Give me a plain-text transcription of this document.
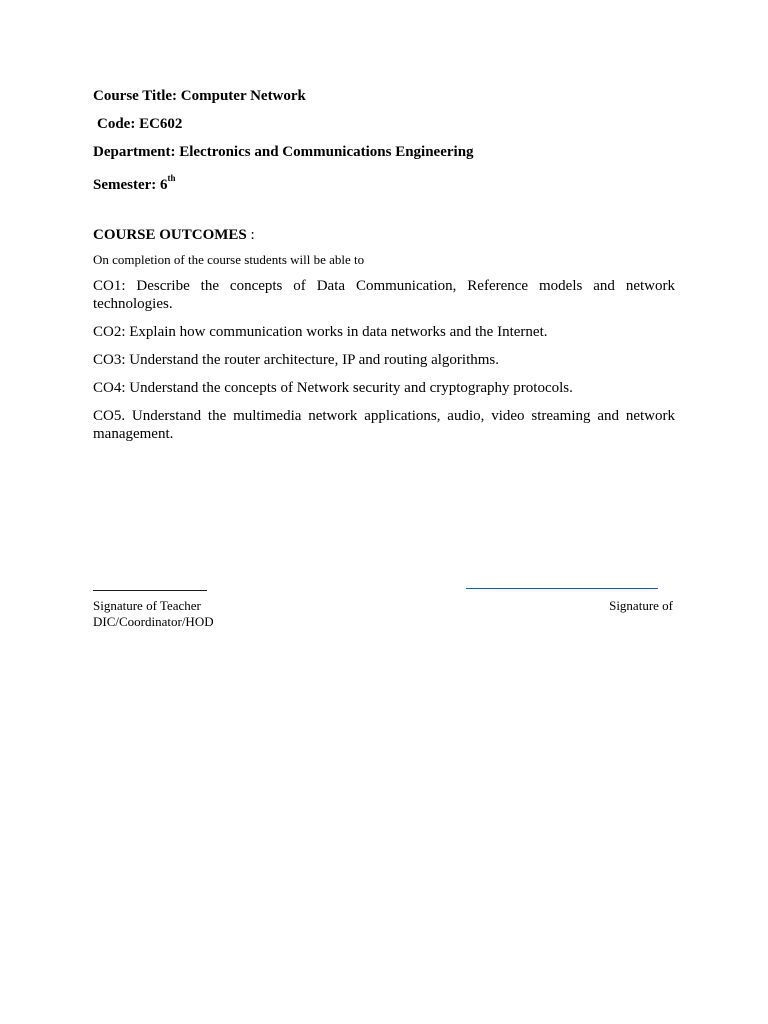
Course Title: Computer Network
Code: EC602
Department: Electronics and Communications Engineering
Semester: 6th
COURSE OUTCOMES :
On completion of the course students will be able to
CO1: Describe the concepts of Data Communication, Reference models and network technologies.
CO2: Explain how communication works in data networks and the Internet.
CO3: Understand the router architecture, IP and routing algorithms.
CO4: Understand the concepts of Network security and cryptography protocols.
CO5. Understand the multimedia network applications, audio, video streaming and network management.
Signature of Teacher	Signature of
DIC/Coordinator/HOD
